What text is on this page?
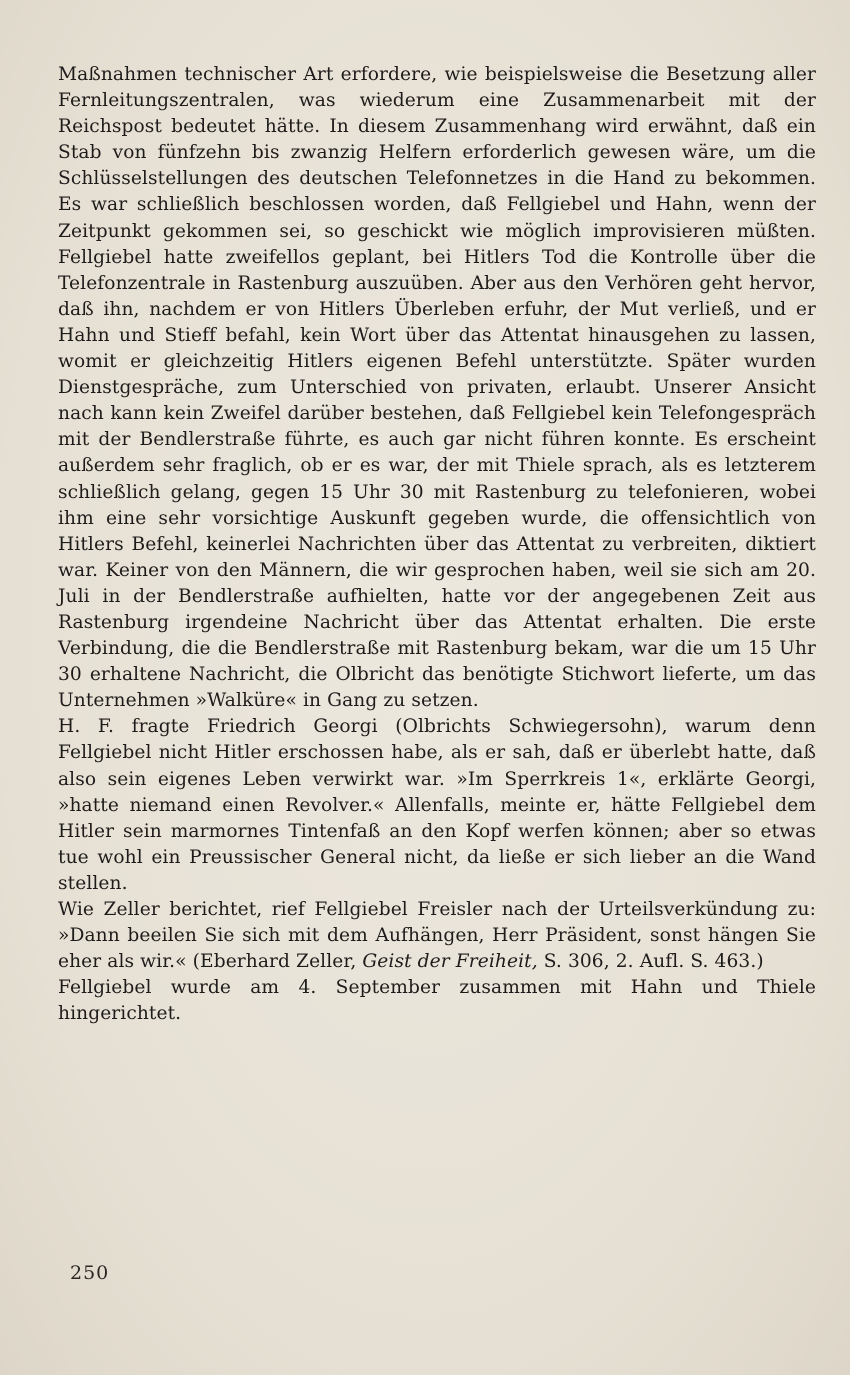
Maßnahmen technischer Art erfordere, wie beispielsweise die Besetzung aller Fernleitungszentralen, was wiederum eine Zusammenarbeit mit der Reichspost bedeutet hätte. In diesem Zusammenhang wird erwähnt, daß ein Stab von fünfzehn bis zwanzig Helfern erforderlich gewesen wäre, um die Schlüsselstellungen des deutschen Telefonnetzes in die Hand zu bekommen. Es war schließlich beschlossen worden, daß Fellgiebel und Hahn, wenn der Zeitpunkt gekommen sei, so geschickt wie möglich improvisieren müßten. Fellgiebel hatte zweifellos geplant, bei Hitlers Tod die Kontrolle über die Telefonzentrale in Rastenburg auszuüben. Aber aus den Verhören geht hervor, daß ihn, nachdem er von Hitlers Überleben erfuhr, der Mut verließ, und er Hahn und Stieff befahl, kein Wort über das Attentat hinausgehen zu lassen, womit er gleichzeitig Hitlers eigenen Befehl unterstützte. Später wurden Dienstgespräche, zum Unterschied von privaten, erlaubt. Unserer Ansicht nach kann kein Zweifel darüber bestehen, daß Fellgiebel kein Telefongespräch mit der Bendlerstraße führte, es auch gar nicht führen konnte. Es erscheint außerdem sehr fraglich, ob er es war, der mit Thiele sprach, als es letzterem schließlich gelang, gegen 15 Uhr 30 mit Rastenburg zu telefonieren, wobei ihm eine sehr vorsichtige Auskunft gegeben wurde, die offensichtlich von Hitlers Befehl, keinerlei Nachrichten über das Attentat zu verbreiten, diktiert war. Keiner von den Männern, die wir gesprochen haben, weil sie sich am 20. Juli in der Bendlerstraße aufhielten, hatte vor der angegebenen Zeit aus Rastenburg irgendeine Nachricht über das Attentat erhalten. Die erste Verbindung, die die Bendlerstraße mit Rastenburg bekam, war die um 15 Uhr 30 erhaltene Nachricht, die Olbricht das benötigte Stichwort lieferte, um das Unternehmen »Walküre« in Gang zu setzen.

H. F. fragte Friedrich Georgi (Olbrichts Schwiegersohn), warum denn Fellgiebel nicht Hitler erschossen habe, als er sah, daß er überlebt hatte, daß also sein eigenes Leben verwirkt war. »Im Sperrkreis 1«, erklärte Georgi, »hatte niemand einen Revolver.« Allenfalls, meinte er, hätte Fellgiebel dem Hitler sein marmornes Tintenfaß an den Kopf werfen können; aber so etwas tue wohl ein Preussischer General nicht, da ließe er sich lieber an die Wand stellen.

Wie Zeller berichtet, rief Fellgiebel Freisler nach der Urteilsverkündung zu: »Dann beeilen Sie sich mit dem Aufhängen, Herr Präsident, sonst hängen Sie eher als wir.« (Eberhard Zeller, Geist der Freiheit, S. 306, 2. Aufl. S. 463.)

Fellgiebel wurde am 4. September zusammen mit Hahn und Thiele hingerichtet.

250
